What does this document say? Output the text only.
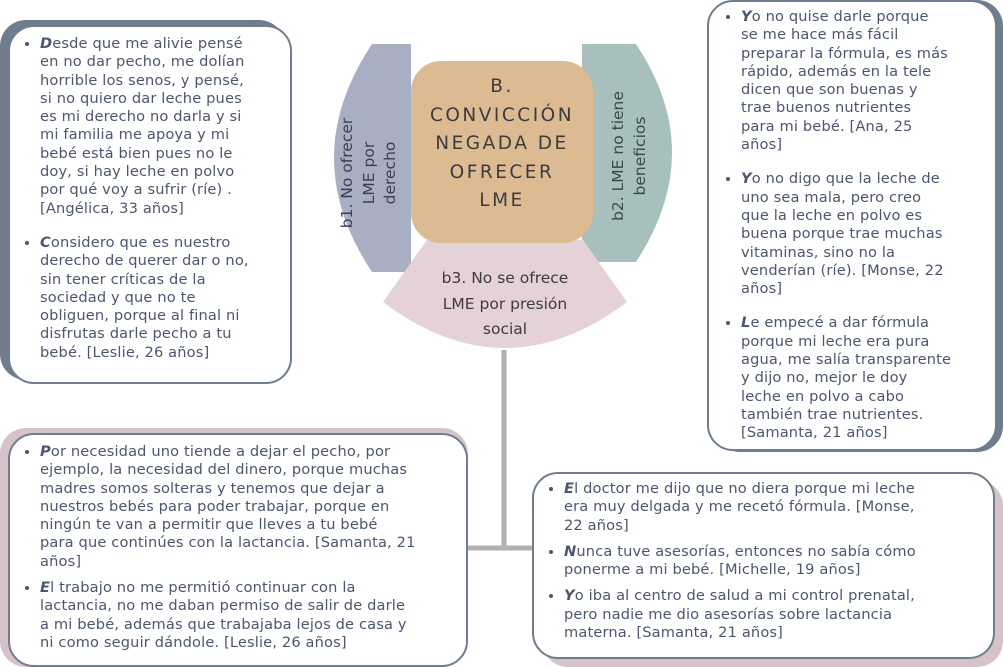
B.
CONVICCIÓN
NEGADA DE
OFRECER
LME
b1. No ofrecer LME por derecho	b2. LME no tiene beneficios
b3. No se ofrece
LME por presión
social
• Desde que me alivie pensé
en no dar pecho, me dolían
horrible los senos, y pensé,
si no quiero dar leche pues
es mi derecho no darla y si
mi familia me apoya y mi
bebé está bien pues no le
doy, si hay leche en polvo
por qué voy a sufrir (ríe) .
[Angélica, 33 años]
• Considero que es nuestro
derecho de querer dar o no,
sin tener críticas de la
sociedad y que no te
obliguen, porque al final ni
disfrutas darle pecho a tu
bebé. [Leslie, 26 años]
• Yo no quise darle porque
se me hace más fácil
preparar la fórmula, es más
rápido, además en la tele
dicen que son buenas y
trae buenos nutrientes
para mi bebé. [Ana, 25
años]
• Yo no digo que la leche de
uno sea mala, pero creo
que la leche en polvo es
buena porque trae muchas
vitaminas, sino no la
venderían (ríe). [Monse, 22
años]
• Le empecé a dar fórmula
porque mi leche era pura
agua, me salía transparente
y dijo no, mejor le doy
leche en polvo a cabo
también trae nutrientes.
[Samanta, 21 años]
• Por necesidad uno tiende a dejar el pecho, por
ejemplo, la necesidad del dinero, porque muchas
madres somos solteras y tenemos que dejar a
nuestros bebés para poder trabajar, porque en
ningún te van a permitir que lleves a tu bebé
para que continúes con la lactancia. [Samanta, 21
años]
• El trabajo no me permitió continuar con la
lactancia, no me daban permiso de salir de darle
a mi bebé, además que trabajaba lejos de casa y
ni como seguir dándole. [Leslie, 26 años]
• El doctor me dijo que no diera porque mi leche
era muy delgada y me recetó fórmula. [Monse,
22 años]
• Nunca tuve asesorías, entonces no sabía cómo
ponerme a mi bebé. [Michelle, 19 años]
• Yo iba al centro de salud a mi control prenatal,
pero nadie me dio asesorías sobre lactancia
materna. [Samanta, 21 años]
